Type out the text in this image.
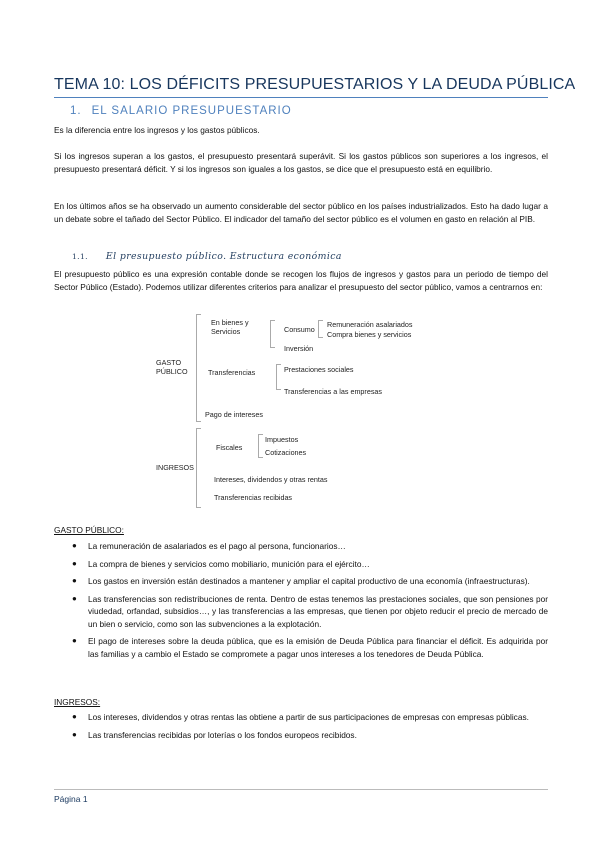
TEMA 10: LOS DÉFICITS PRESUPUESTARIOS Y LA DEUDA PÚBLICA
1. EL SALARIO PRESUPUESTARIO

Es la diferencia entre los ingresos y los gastos públicos.

Si los ingresos superan a los gastos, el presupuesto presentará superávit. Si los gastos públicos son superiores a los ingresos, el presupuesto presentará déficit. Y si los ingresos son iguales a los gastos, se dice que el presupuesto está en equilibrio.

En los últimos años se ha observado un aumento considerable del sector público en los países industrializados. Esto ha dado lugar a un debate sobre el tañado del Sector Público. El indicador del tamaño del sector público es el volumen en gasto en relación al PIB.

1.1. El presupuesto público. Estructura económica

El presupuesto público es una expresión contable donde se recogen los flujos de ingresos y gastos para un periodo de tiempo del Sector Público (Estado). Podemos utilizar diferentes criterios para analizar el presupuesto del sector público, vamos a centrarnos en:

GASTO
PÚBLICO
En bienes y
Servicios	Consumo
Remuneración asalariados
Compra bienes y servicios
Inversión
Transferencias	Prestaciones sociales
Transferencias a las empresas
Pago de intereses
INGRESOS
Fiscales
Impuestos
Cotizaciones
Intereses, dividendos y otras rentas
Transferencias recibidas
GASTO PÚBLICO:
● La remuneración de asalariados es el pago al persona, funcionarios…
● La compra de bienes y servicios como mobiliario, munición para el ejército…
● Los gastos en inversión están destinados a mantener y ampliar el capital productivo de una economía (infraestructuras).
● Las transferencias son redistribuciones de renta. Dentro de estas tenemos las prestaciones sociales, que son pensiones por viudedad, orfandad, subsidios…, y las transferencias a las empresas, que tienen por objeto reducir el precio de mercado de un bien o servicio, como son las subvenciones a la explotación.
● El pago de intereses sobre la deuda pública, que es la emisión de Deuda Pública para financiar el déficit. Es adquirida por las familias y a cambio el Estado se compromete a pagar unos intereses a los tenedores de Deuda Pública.
INGRESOS:
● Los intereses, dividendos y otras rentas las obtiene a partir de sus participaciones de empresas con empresas públicas.
● Las transferencias recibidas por loterías o los fondos europeos recibidos.
Página 1
